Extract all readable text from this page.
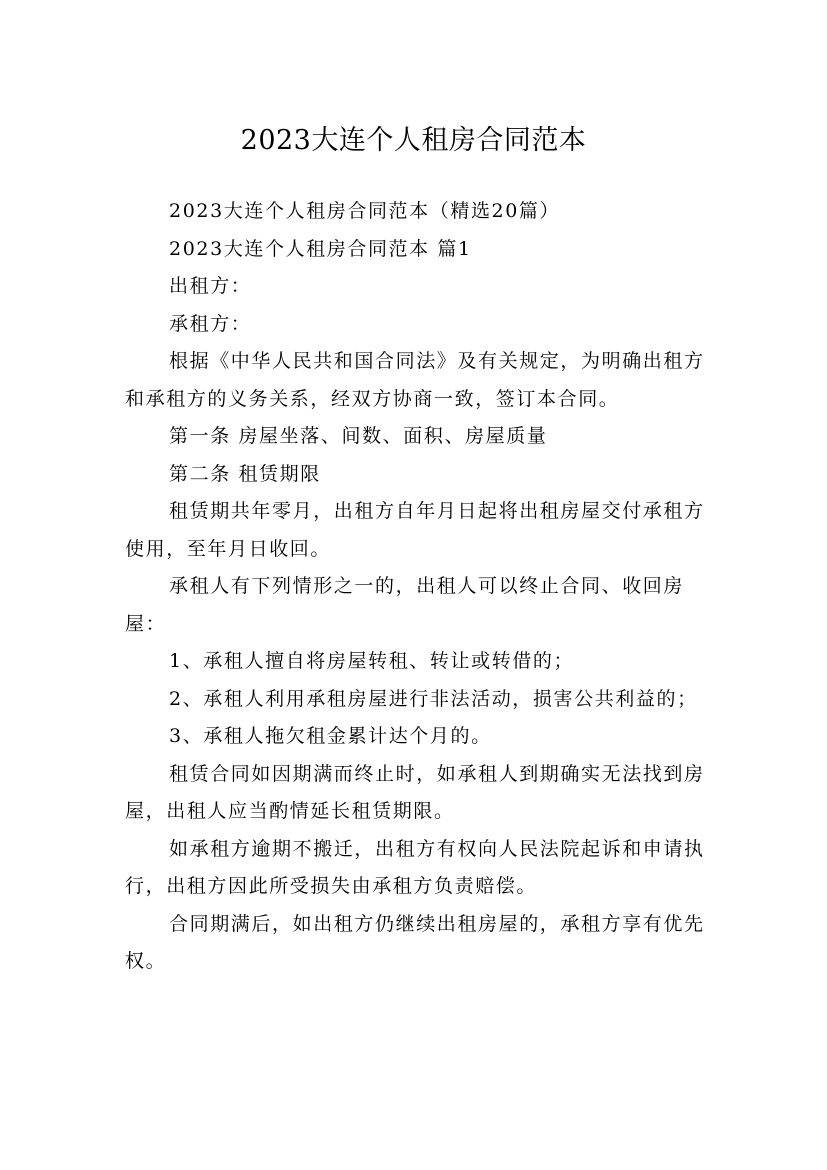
2023大连个人租房合同范本

2023大连个人租房合同范本（精选20篇）

2023大连个人租房合同范本 篇1

出租方：

承租方：

根据《中华人民共和国合同法》及有关规定，为明确出租方和承租方的义务关系，经双方协商一致，签订本合同。

第一条 房屋坐落、间数、面积、房屋质量

第二条 租赁期限

租赁期共年零月，出租方自年月日起将出租房屋交付承租方使用，至年月日收回。

承租人有下列情形之一的，出租人可以终止合同、收回房屋：

1、承租人擅自将房屋转租、转让或转借的；

2、承租人利用承租房屋进行非法活动，损害公共利益的；

3、承租人拖欠租金累计达个月的。

租赁合同如因期满而终止时，如承租人到期确实无法找到房屋，出租人应当酌情延长租赁期限。

如承租方逾期不搬迁，出租方有权向人民法院起诉和申请执行，出租方因此所受损失由承租方负责赔偿。

合同期满后，如出租方仍继续出租房屋的，承租方享有优先权。
